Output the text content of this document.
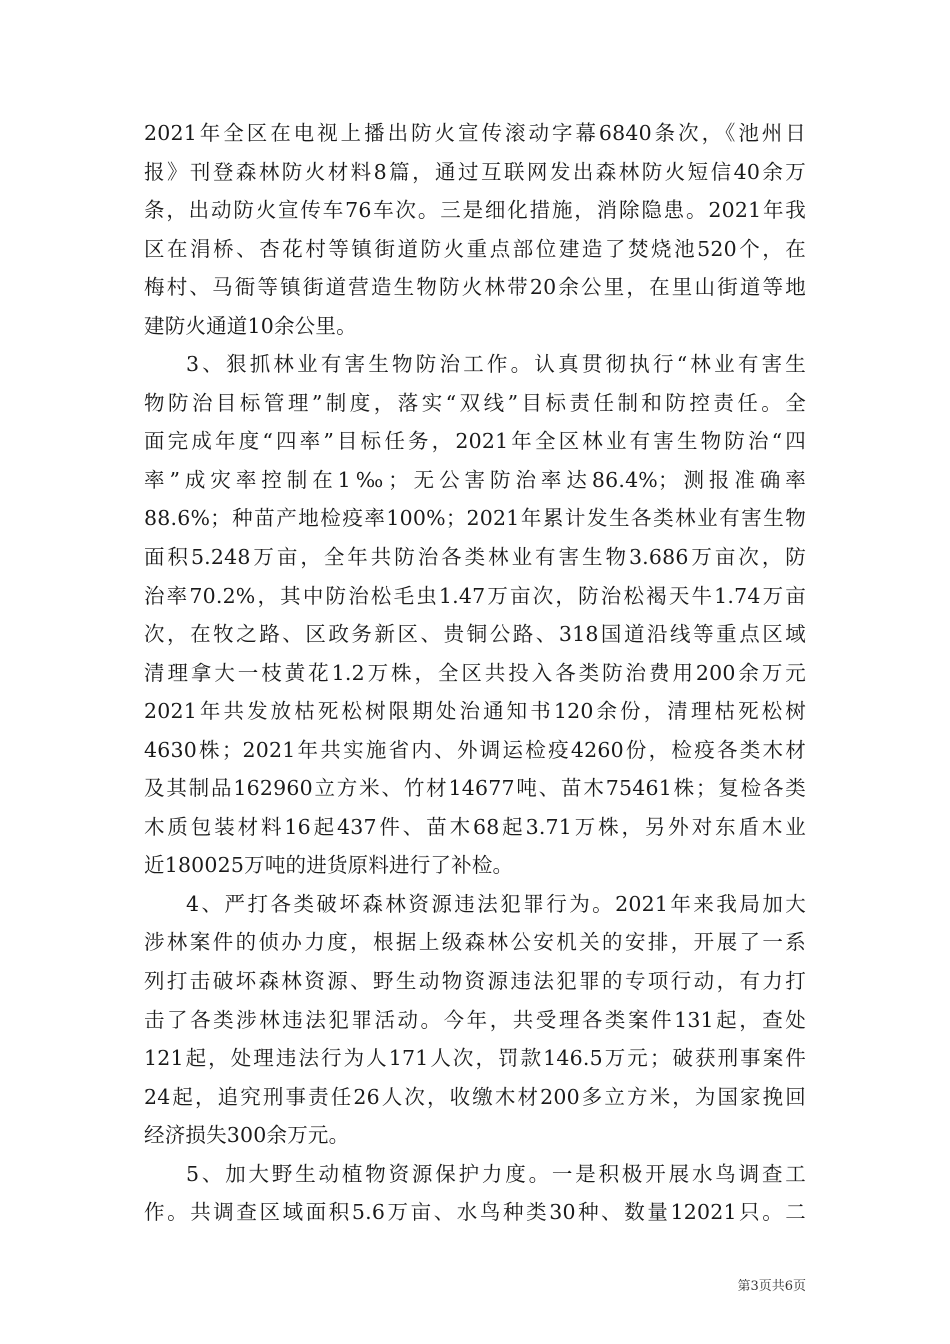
2021年全区在电视上播出防火宣传滚动字幕6840条次，《池州日
报》刊登森林防火材料8篇，通过互联网发出森林防火短信40余万
条，出动防火宣传车76车次。三是细化措施，消除隐患。2021年我
区在涓桥、杏花村等镇街道防火重点部位建造了焚烧池520个，在
梅村、马衙等镇街道营造生物防火林带20余公里，在里山街道等地
建防火通道10余公里。
3、狠抓林业有害生物防治工作。认真贯彻执行“林业有害生
物防治目标管理”制度，落实“双线”目标责任制和防控责任。全
面完成年度“四率”目标任务，2021年全区林业有害生物防治“四
率”成灾率控制在1‰；无公害防治率达86.4%；测报准确率
88.6%；种苗产地检疫率100%；2021年累计发生各类林业有害生物
面积5.248万亩，全年共防治各类林业有害生物3.686万亩次，防
治率70.2%，其中防治松毛虫1.47万亩次，防治松褐天牛1.74万亩
次，在牧之路、区政务新区、贵铜公路、318国道沿线等重点区域
清理拿大一枝黄花1.2万株，全区共投入各类防治费用200余万元
2021年共发放枯死松树限期处治通知书120余份，清理枯死松树
4630株；2021年共实施省内、外调运检疫4260份，检疫各类木材
及其制品162960立方米、竹材14677吨、苗木75461株；复检各类
木质包装材料16起437件、苗木68起3.71万株，另外对东盾木业
近180025万吨的进货原料进行了补检。
4、严打各类破坏森林资源违法犯罪行为。2021年来我局加大
涉林案件的侦办力度，根据上级森林公安机关的安排，开展了一系
列打击破坏森林资源、野生动物资源违法犯罪的专项行动，有力打
击了各类涉林违法犯罪活动。今年，共受理各类案件131起，查处
121起，处理违法行为人171人次，罚款146.5万元；破获刑事案件
24起，追究刑事责任26人次，收缴木材200多立方米，为国家挽回
经济损失300余万元。
5、加大野生动植物资源保护力度。一是积极开展水鸟调查工
作。共调查区域面积5.6万亩、水鸟种类30种、数量12021只。二
第3页共6页
